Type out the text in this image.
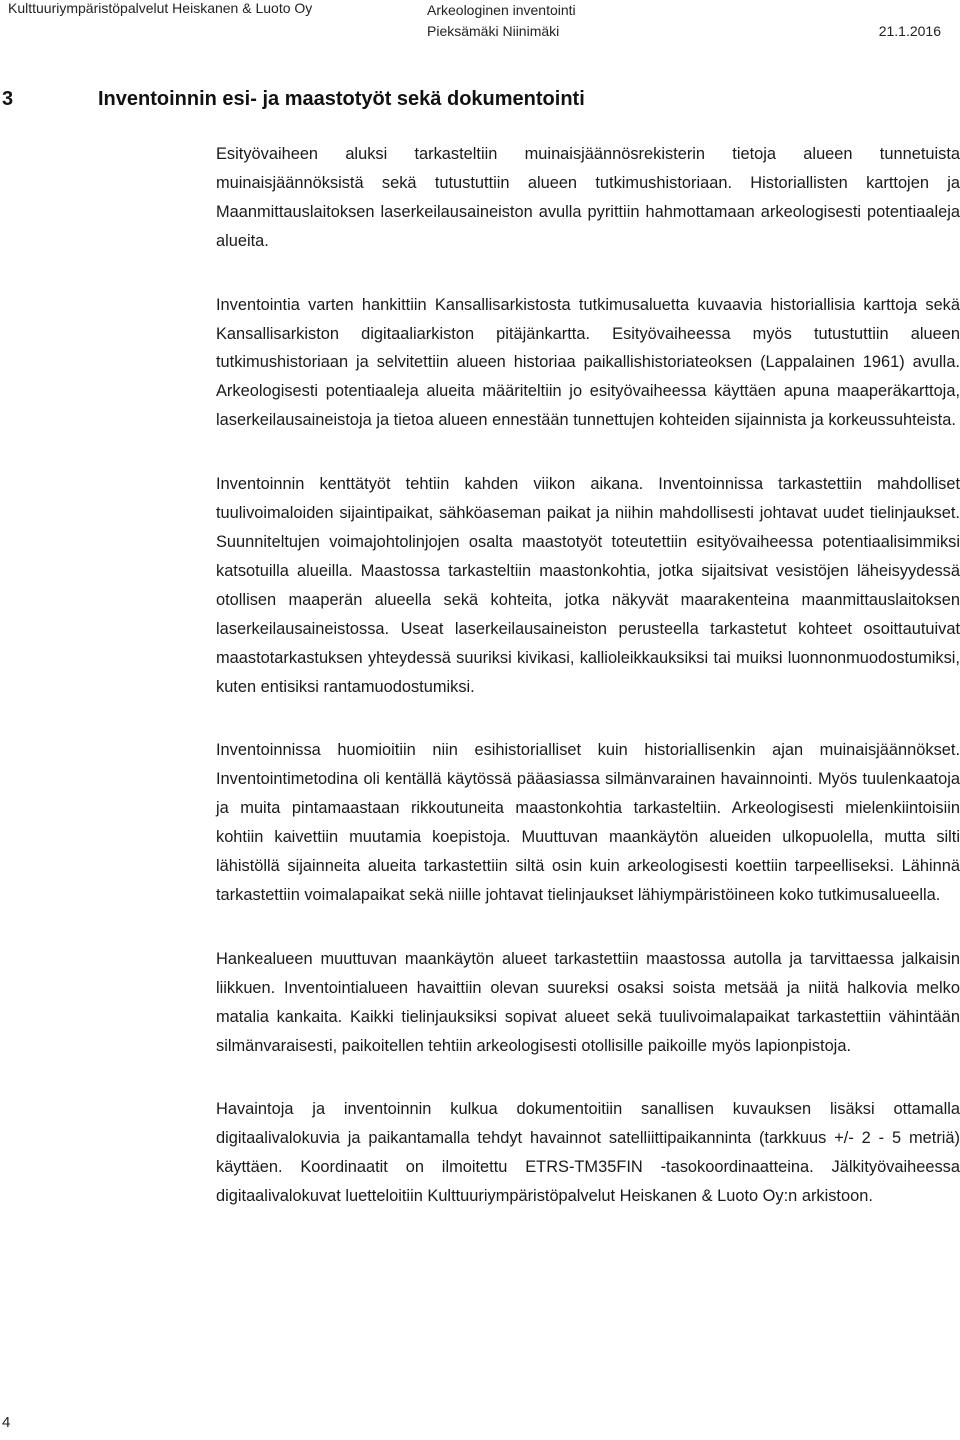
Kulttuuriympäristöpalvelut Heiskanen & Luoto Oy	Arkeologinen inventointi
Pieksämäki Niinimäki	21.1.2016
3	Inventoinnin esi- ja maastotyöt sekä dokumentointi

Esityövaiheen aluksi tarkasteltiin muinaisjäännösrekisterin tietoja alueen tunnetuista muinaisjäännöksistä sekä tutustuttiin alueen tutkimushistoriaan. Historiallisten karttojen ja Maanmittauslaitoksen laserkeilausaineiston avulla pyrittiin hahmottamaan arkeologisesti potentiaaleja alueita.

Inventointia varten hankittiin Kansallisarkistosta tutkimusaluetta kuvaavia historiallisia karttoja sekä Kansallisarkiston digitaaliarkiston pitäjänkartta. Esityövaiheessa myös tutustuttiin alueen tutkimushistoriaan ja selvitettiin alueen historiaa paikallishistoriateoksen (Lappalainen 1961) avulla. Arkeologisesti potentiaaleja alueita määriteltiin jo esityövaiheessa käyttäen apuna maaperäkarttoja, laserkeilausaineistoja ja tietoa alueen ennestään tunnettujen kohteiden sijainnista ja korkeussuhteista.

Inventoinnin kenttätyöt tehtiin kahden viikon aikana. Inventoinnissa tarkastettiin mahdolliset tuulivoimaloiden sijaintipaikat, sähköaseman paikat ja niihin mahdollisesti johtavat uudet tielinjaukset. Suunniteltujen voimajohtolinjojen osalta maastotyöt toteutettiin esityövaiheessa potentiaalisimmiksi katsotuilla alueilla. Maastossa tarkasteltiin maastonkohtia, jotka sijaitsivat vesistöjen läheisyydessä otollisen maaperän alueella sekä kohteita, jotka näkyvät maarakenteina maanmittauslaitoksen laserkeilausaineistossa. Useat laserkeilausaineiston perusteella tarkastetut kohteet osoittautuivat maastotarkastuksen yhteydessä suuriksi kivikasi, kallioleikkauksiksi tai muiksi luonnonmuodostumiksi, kuten entisiksi rantamuodostumiksi.

Inventoinnissa huomioitiin niin esihistorialliset kuin historiallisenkin ajan muinaisjäännökset. Inventointimetodina oli kentällä käytössä pääasiassa silmänvarainen havainnointi. Myös tuulenkaatoja ja muita pintamaastaan rikkoutuneita maastonkohtia tarkasteltiin. Arkeologisesti mielenkiintoisiin kohtiin kaivettiin muutamia koepistoja. Muuttuvan maankäytön alueiden ulkopuolella, mutta silti lähistöllä sijainneita alueita tarkastettiin siltä osin kuin arkeologisesti koettiin tarpeelliseksi. Lähinnä tarkastettiin voimalapaikat sekä niille johtavat tielinjaukset lähiympäristöineen koko tutkimusalueella.

Hankealueen muuttuvan maankäytön alueet tarkastettiin maastossa autolla ja tarvittaessa jalkaisin liikkuen. Inventointialueen havaittiin olevan suureksi osaksi soista metsää ja niitä halkovia melko matalia kankaita. Kaikki tielinjauksiksi sopivat alueet sekä tuulivoimalapaikat tarkastettiin vähintään silmänvaraisesti, paikoitellen tehtiin arkeologisesti otollisille paikoille myös lapionpistoja.

Havaintoja ja inventoinnin kulkua dokumentoitiin sanallisen kuvauksen lisäksi ottamalla digitaalivalokuvia ja paikantamalla tehdyt havainnot satelliittipaikanninta (tarkkuus +/- 2 - 5 metriä) käyttäen. Koordinaatit on ilmoitettu ETRS-TM35FIN -tasokoordinaatteina. Jälkityövaiheessa digitaalivalokuvat luetteloitiin Kulttuuriympäristöpalvelut Heiskanen & Luoto Oy:n arkistoon.

4
